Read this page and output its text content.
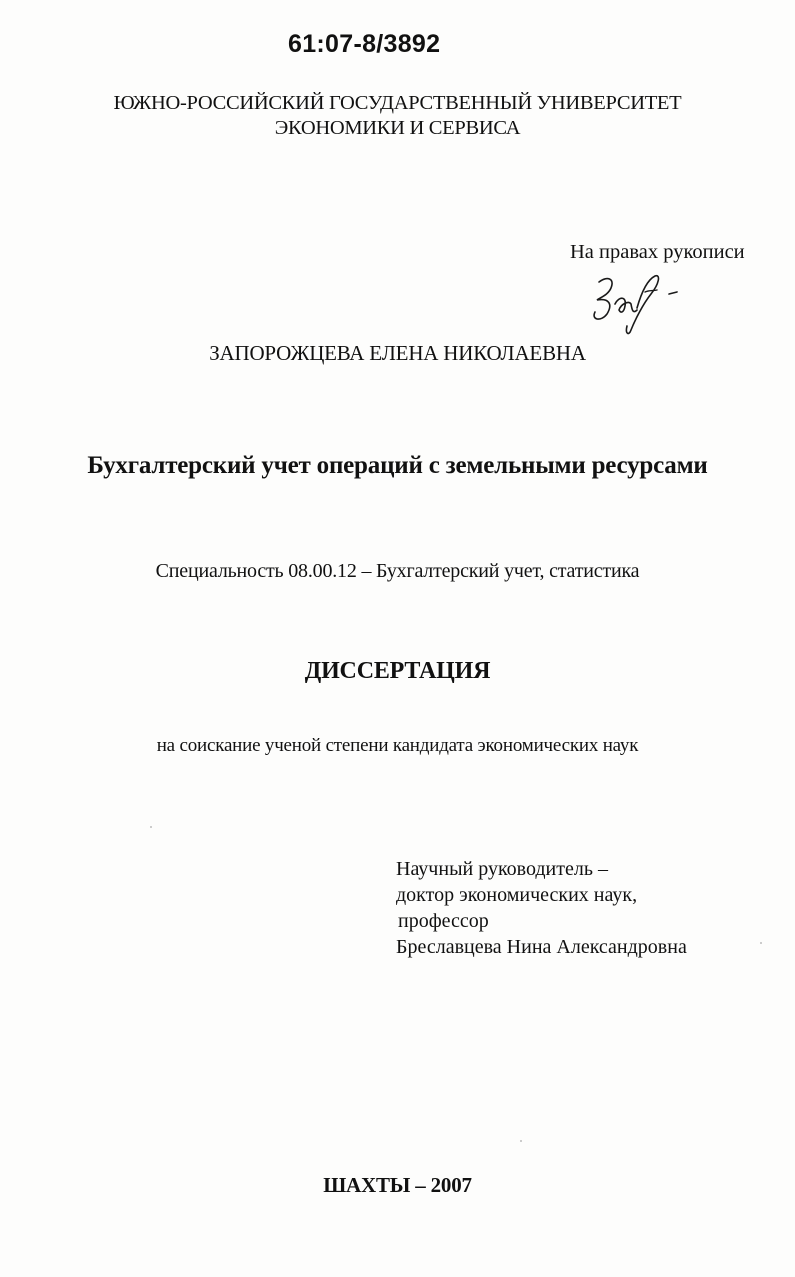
61:07-8/3892
ЮЖНО-РОССИЙСКИЙ ГОСУДАРСТВЕННЫЙ УНИВЕРСИТЕТ
ЭКОНОМИКИ И СЕРВИСА
На правах рукописи
ЗАПОРОЖЦЕВА ЕЛЕНА НИКОЛАЕВНА
Бухгалтерский учет операций с земельными ресурсами
Специальность 08.00.12 – Бухгалтерский учет, статистика
ДИССЕРТАЦИЯ
на соискание ученой степени кандидата экономических наук
Научный руководитель –
доктор экономических наук,
профессор
Бреславцева Нина Александровна
ШАХТЫ – 2007
